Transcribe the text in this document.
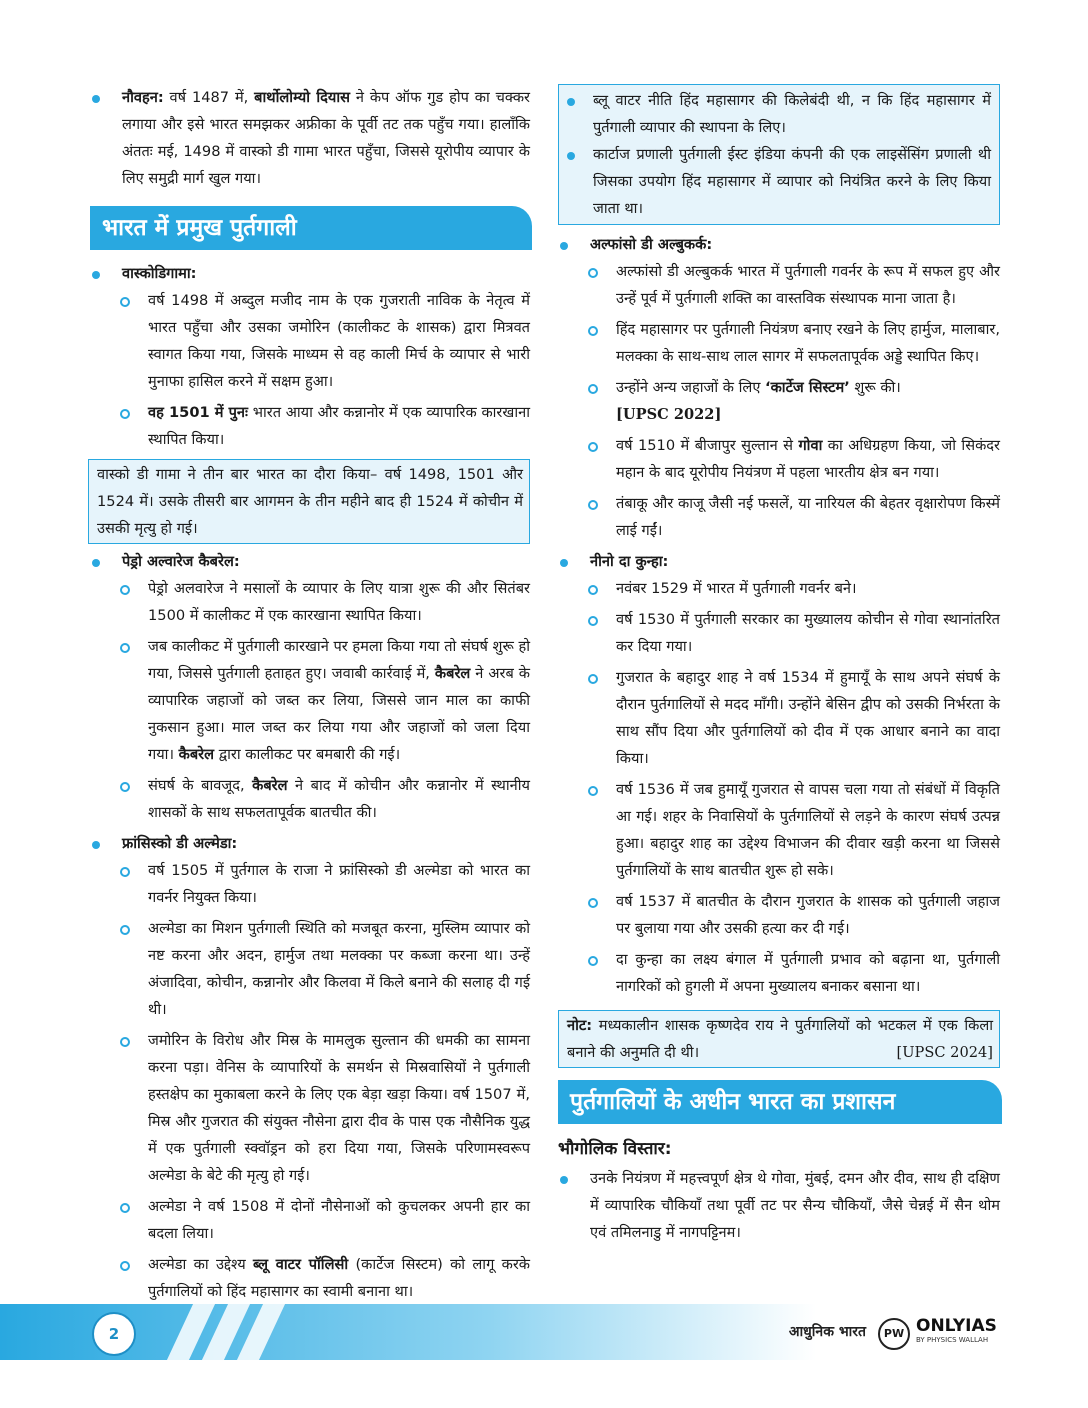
नौवहन: वर्ष 1487 में, बार्थोलोम्यो दियास ने केप ऑफ गुड होप का चक्कर लगाया और इसे भारत समझकर अफ्रीका के पूर्वी तट तक पहुँच गया। हालाँकि अंततः मई, 1498 में वास्को डी गामा भारत पहुँचा, जिससे यूरोपीय व्यापार के लिए समुद्री मार्ग खुल गया।

भारत में प्रमुख पुर्तगाली

वास्कोडिगामा:

वर्ष 1498 में अब्दुल मजीद नाम के एक गुजराती नाविक के नेतृत्व में भारत पहुँचा और उसका जमोरिन (कालीकट के शासक) द्वारा मित्रवत स्वागत किया गया, जिसके माध्यम से वह काली मिर्च के व्यापार से भारी मुनाफा हासिल करने में सक्षम हुआ।

वह 1501 में पुनः भारत आया और कन्नानोर में एक व्यापारिक कारखाना स्थापित किया।

वास्को डी गामा ने तीन बार भारत का दौरा किया– वर्ष 1498, 1501 और 1524 में। उसके तीसरी बार आगमन के तीन महीने बाद ही 1524 में कोचीन में उसकी मृत्यु हो गई।

पेड्रो अल्वारेज कैबरेल:

पेड्रो अलवारेज ने मसालों के व्यापार के लिए यात्रा शुरू की और सितंबर 1500 में कालीकट में एक कारखाना स्थापित किया।

जब कालीकट में पुर्तगाली कारखाने पर हमला किया गया तो संघर्ष शुरू हो गया, जिससे पुर्तगाली हताहत हुए। जवाबी कार्रवाई में, कैबरेल ने अरब के व्यापारिक जहाजों को जब्त कर लिया, जिससे जान माल का काफी नुकसान हुआ। माल जब्त कर लिया गया और जहाजों को जला दिया गया। कैबरेल द्वारा कालीकट पर बमबारी की गई।

संघर्ष के बावजूद, कैबरेल ने बाद में कोचीन और कन्नानोर में स्थानीय शासकों के साथ सफलतापूर्वक बातचीत की।

फ्रांसिस्को डी अल्मेडा:

वर्ष 1505 में पुर्तगाल के राजा ने फ्रांसिस्को डी अल्मेडा को भारत का गवर्नर नियुक्त किया।

अल्मेडा का मिशन पुर्तगाली स्थिति को मजबूत करना, मुस्लिम व्यापार को नष्ट करना और अदन, हार्मुज तथा मलक्का पर कब्जा करना था। उन्हें अंजादिवा, कोचीन, कन्नानोर और किलवा में किले बनाने की सलाह दी गई थी।

जमोरिन के विरोध और मिस्र के मामलुक सुल्तान की धमकी का सामना करना पड़ा। वेनिस के व्यापारियों के समर्थन से मिस्रवासियों ने पुर्तगाली हस्तक्षेप का मुकाबला करने के लिए एक बेड़ा खड़ा किया। वर्ष 1507 में, मिस्र और गुजरात की संयुक्त नौसेना द्वारा दीव के पास एक नौसैनिक युद्ध में एक पुर्तगाली स्क्वॉड्रन को हरा दिया गया, जिसके परिणामस्वरूप अल्मेडा के बेटे की मृत्यु हो गई।

अल्मेडा ने वर्ष 1508 में दोनों नौसेनाओं को कुचलकर अपनी हार का बदला लिया।

अल्मेडा का उद्देश्य ब्लू वाटर पॉलिसी (कार्टेज सिस्टम) को लागू करके पुर्तगालियों को हिंद महासागर का स्वामी बनाना था।

ब्लू वाटर नीति हिंद महासागर की किलेबंदी थी, न कि हिंद महासागर में पुर्तगाली व्यापार की स्थापना के लिए।

कार्टाज प्रणाली पुर्तगाली ईस्ट इंडिया कंपनी की एक लाइसेंसिंग प्रणाली थी जिसका उपयोग हिंद महासागर में व्यापार को नियंत्रित करने के लिए किया जाता था।

अल्फांसो डी अल्बुकर्क:

अल्फांसो डी अल्बुकर्क भारत में पुर्तगाली गवर्नर के रूप में सफल हुए और उन्हें पूर्व में पुर्तगाली शक्ति का वास्तविक संस्थापक माना जाता है।

हिंद महासागर पर पुर्तगाली नियंत्रण बनाए रखने के लिए हार्मुज, मालाबार, मलक्का के साथ-साथ लाल सागर में सफलतापूर्वक अड्डे स्थापित किए।

उन्होंने अन्य जहाजों के लिए ‘कार्टेज सिस्टम’ शुरू की।

[UPSC 2022]

वर्ष 1510 में बीजापुर सुल्तान से गोवा का अधिग्रहण किया, जो सिकंदर महान के बाद यूरोपीय नियंत्रण में पहला भारतीय क्षेत्र बन गया।

तंबाकू और काजू जैसी नई फसलें, या नारियल की बेहतर वृक्षारोपण किस्में लाई गईं।

नीनो दा कुन्हा:

नवंबर 1529 में भारत में पुर्तगाली गवर्नर बने।

वर्ष 1530 में पुर्तगाली सरकार का मुख्यालय कोचीन से गोवा स्थानांतरित कर दिया गया।

गुजरात के बहादुर शाह ने वर्ष 1534 में हुमायूँ के साथ अपने संघर्ष के दौरान पुर्तगालियों से मदद माँगी। उन्होंने बेसिन द्वीप को उसकी निर्भरता के साथ सौंप दिया और पुर्तगालियों को दीव में एक आधार बनाने का वादा किया।

वर्ष 1536 में जब हुमायूँ गुजरात से वापस चला गया तो संबंधों में विकृति आ गई। शहर के निवासियों के पुर्तगालियों से लड़ने के कारण संघर्ष उत्पन्न हुआ। बहादुर शाह का उद्देश्य विभाजन की दीवार खड़ी करना था जिससे पुर्तगालियों के साथ बातचीत शुरू हो सके।

वर्ष 1537 में बातचीत के दौरान गुजरात के शासक को पुर्तगाली जहाज पर बुलाया गया और उसकी हत्या कर दी गई।

दा कुन्हा का लक्ष्य बंगाल में पुर्तगाली प्रभाव को बढ़ाना था, पुर्तगाली नागरिकों को हुगली में अपना मुख्यालय बनाकर बसाना था।

नोट: मध्यकालीन शासक कृष्णदेव राय ने पुर्तगालियों को भटकल में एक किला बनाने की अनुमति दी थी।	[UPSC 2024]

पुर्तगालियों के अधीन भारत का प्रशासन
भौगोलिक विस्तार:

उनके नियंत्रण में महत्त्वपूर्ण क्षेत्र थे गोवा, मुंबई, दमन और दीव, साथ ही दक्षिण में व्यापारिक चौकियाँ तथा पूर्वी तट पर सैन्य चौकियाँ, जैसे चेन्नई में सैन थोम एवं तमिलनाडु में नागपट्टिनम।

2	आधुनिक भारत	PW ONLYIAS
BY PHYSICS WALLAH
